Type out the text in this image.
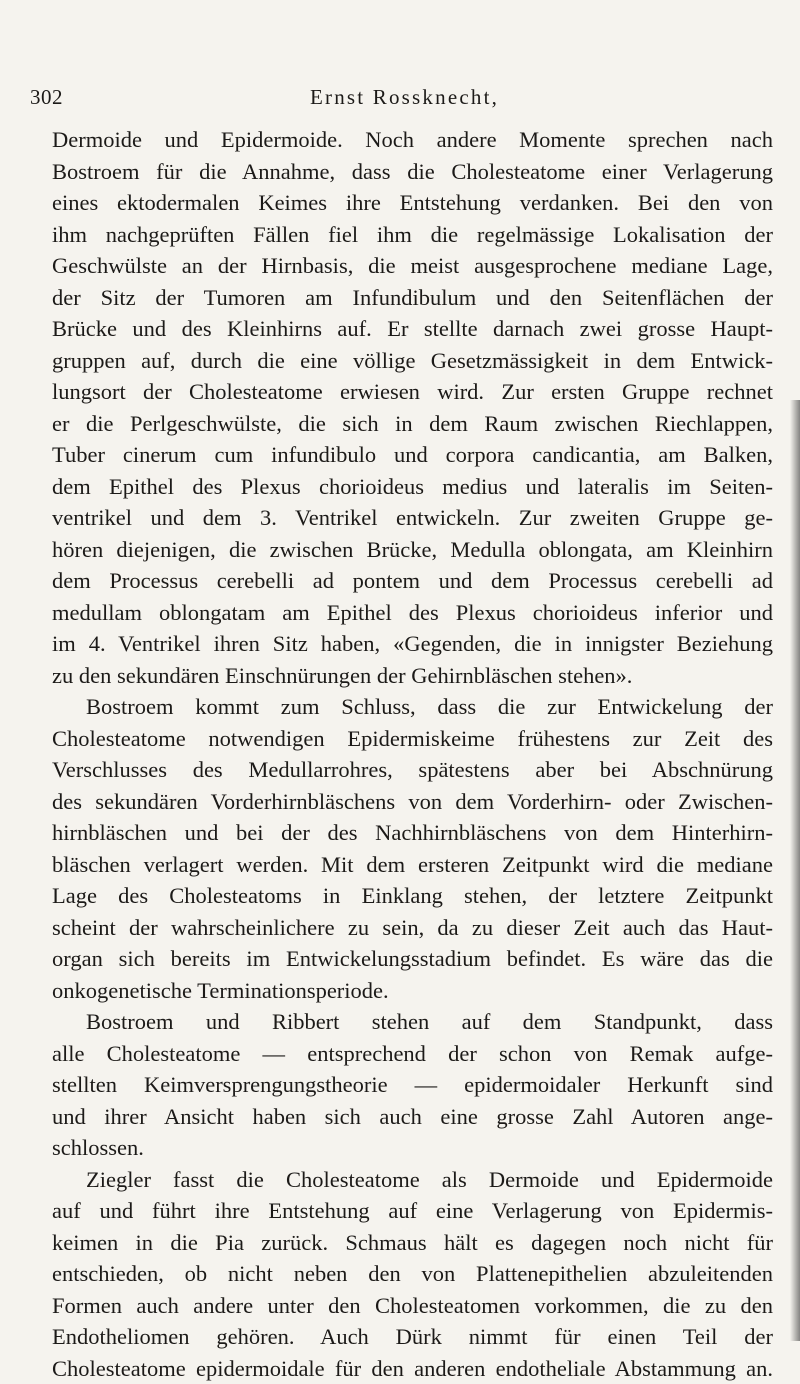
302	Ernst Rossknecht,
Dermoide und Epidermoide. Noch andere Momente sprechen nach
Bostroem für die Annahme, dass die Cholesteatome einer Verlagerung
eines ektodermalen Keimes ihre Entstehung verdanken. Bei den von
ihm nachgeprüften Fällen fiel ihm die regelmässige Lokalisation der
Geschwülste an der Hirnbasis, die meist ausgesprochene mediane Lage,
der Sitz der Tumoren am Infundibulum und den Seitenflächen der
Brücke und des Kleinhirns auf. Er stellte darnach zwei grosse Haupt-
gruppen auf, durch die eine völlige Gesetzmässigkeit in dem Entwick-
lungsort der Cholesteatome erwiesen wird. Zur ersten Gruppe rechnet
er die Perlgeschwülste, die sich in dem Raum zwischen Riechlappen,
Tuber cinerum cum infundibulo und corpora candicantia, am Balken,
dem Epithel des Plexus chorioideus medius und lateralis im Seiten-
ventrikel und dem 3. Ventrikel entwickeln. Zur zweiten Gruppe ge-
hören diejenigen, die zwischen Brücke, Medulla oblongata, am Kleinhirn
dem Processus cerebelli ad pontem und dem Processus cerebelli ad
medullam oblongatam am Epithel des Plexus chorioideus inferior und
im 4. Ventrikel ihren Sitz haben, «Gegenden, die in innigster Beziehung
zu den sekundären Einschnürungen der Gehirnbläschen stehen».
Bostroem kommt zum Schluss, dass die zur Entwickelung der
Cholesteatome notwendigen Epidermiskeime frühestens zur Zeit des
Verschlusses des Medullarrohres, spätestens aber bei Abschnürung
des sekundären Vorderhirnbläschens von dem Vorderhirn- oder Zwischen-
hirnbläschen und bei der des Nachhirnbläschens von dem Hinterhirn-
bläschen verlagert werden. Mit dem ersteren Zeitpunkt wird die mediane
Lage des Cholesteatoms in Einklang stehen, der letztere Zeitpunkt
scheint der wahrscheinlichere zu sein, da zu dieser Zeit auch das Haut-
organ sich bereits im Entwickelungsstadium befindet. Es wäre das die
onkogenetische Terminationsperiode.
Bostroem und Ribbert stehen auf dem Standpunkt, dass
alle Cholesteatome — entsprechend der schon von Remak aufge-
stellten Keimversprengungstheorie — epidermoidaler Herkunft sind
und ihrer Ansicht haben sich auch eine grosse Zahl Autoren ange-
schlossen.
Ziegler fasst die Cholesteatome als Dermoide und Epidermoide
auf und führt ihre Entstehung auf eine Verlagerung von Epidermis-
keimen in die Pia zurück. Schmaus hält es dagegen noch nicht für
entschieden, ob nicht neben den von Plattenepithelien abzuleitenden
Formen auch andere unter den Cholesteatomen vorkommen, die zu den
Endotheliomen gehören. Auch Dürk nimmt für einen Teil der
Cholesteatome epidermoidale für den anderen endotheliale Abstammung an.
